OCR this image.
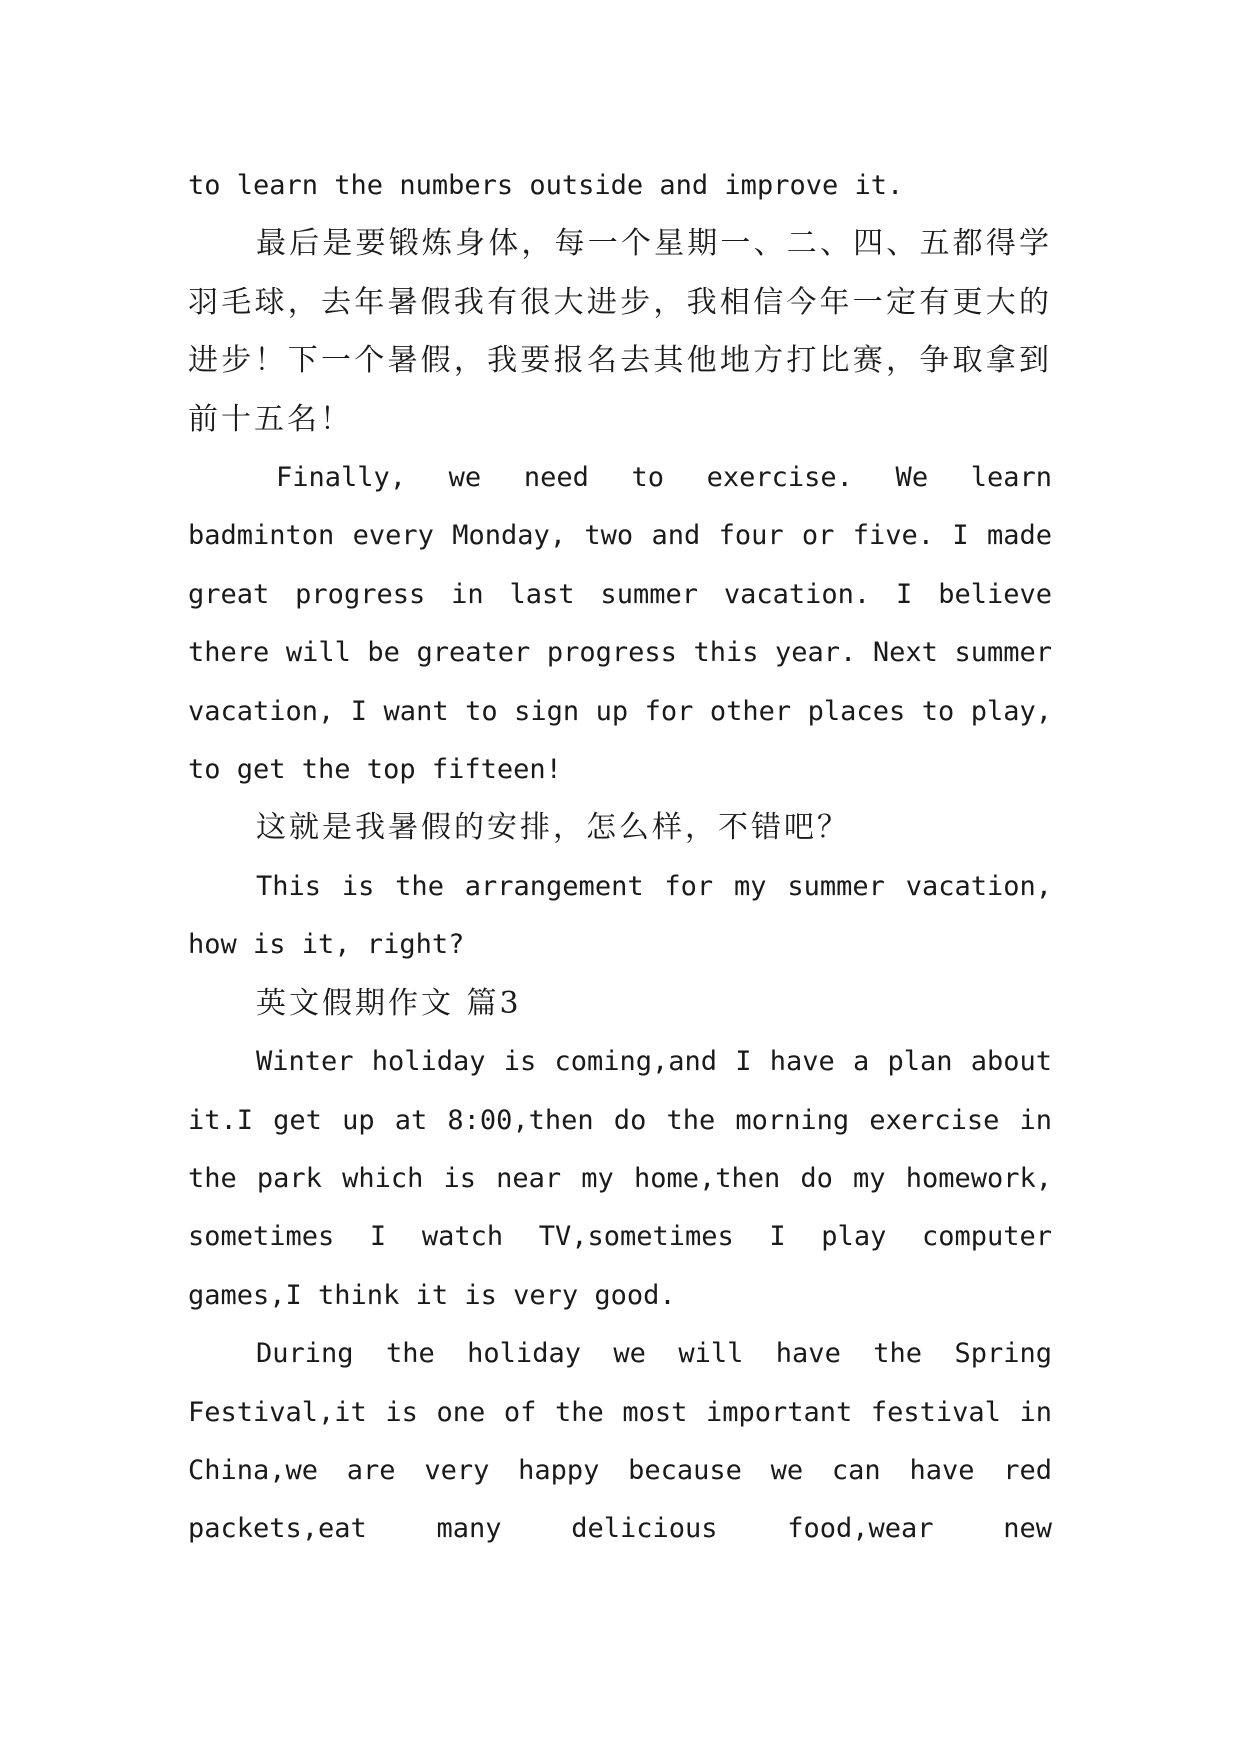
to learn the numbers outside and improve it.

最后是要锻炼身体，每一个星期一、二、四、五都得学羽毛球，去年暑假我有很大进步，我相信今年一定有更大的进步！下一个暑假，我要报名去其他地方打比赛，争取拿到前十五名！

Finally, we need to exercise. We learn badminton every Monday, two and four or five. I made great progress in last summer vacation. I believe there will be greater progress this year. Next summer vacation, I want to sign up for other places to play, to get the top fifteen!

这就是我暑假的安排，怎么样，不错吧？

This is the arrangement for my summer vacation, how is it, right?

英文假期作文 篇3

Winter holiday is coming,and I have a plan about it.I get up at 8:00,then do the morning exercise in the park which is near my home,then do my homework, sometimes I watch TV,sometimes I play computer games,I think it is very good.

During the holiday we will have the Spring Festival,it is one of the most important festival in China,we are very happy because we can have red packets,eat many delicious food,wear new
